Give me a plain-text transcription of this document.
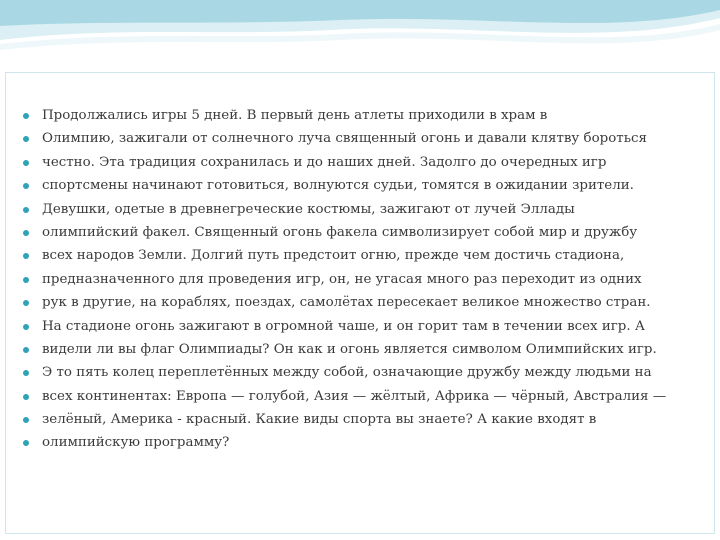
Продолжались игры 5 дней. В первый день атлеты приходили в храм в
Олимпию, зажигали от солнечного луча священный огонь и давали клятву бороться
честно. Эта традиция сохранилась и до наших дней. Задолго до очередных игр
спортсмены начинают готовиться, волнуются судьи, томятся в ожидании зрители.
Девушки, одетые в древнегреческие костюмы, зажигают от лучей Эллады
олимпийский факел. Священный огонь факела символизирует собой мир и дружбу
всех народов Земли. Долгий путь предстоит огню, прежде чем достичь стадиона,
предназначенного для проведения игр, он, не угасая много раз переходит из одних
рук в другие, на кораблях, поездах, самолётах пересекает великое множество стран.
На стадионе огонь зажигают в огромной чаше, и он горит там в течении всех игр. А
видели ли вы флаг Олимпиады? Он как и огонь является символом Олимпийских игр.
Э то пять колец переплетённых между собой, означающие дружбу между людьми на
всех континентах: Европа — голубой, Азия — жёлтый, Африка — чёрный, Австралия —
зелёный, Америка - красный. Какие виды спорта вы знаете? А какие входят в
олимпийскую программу?
